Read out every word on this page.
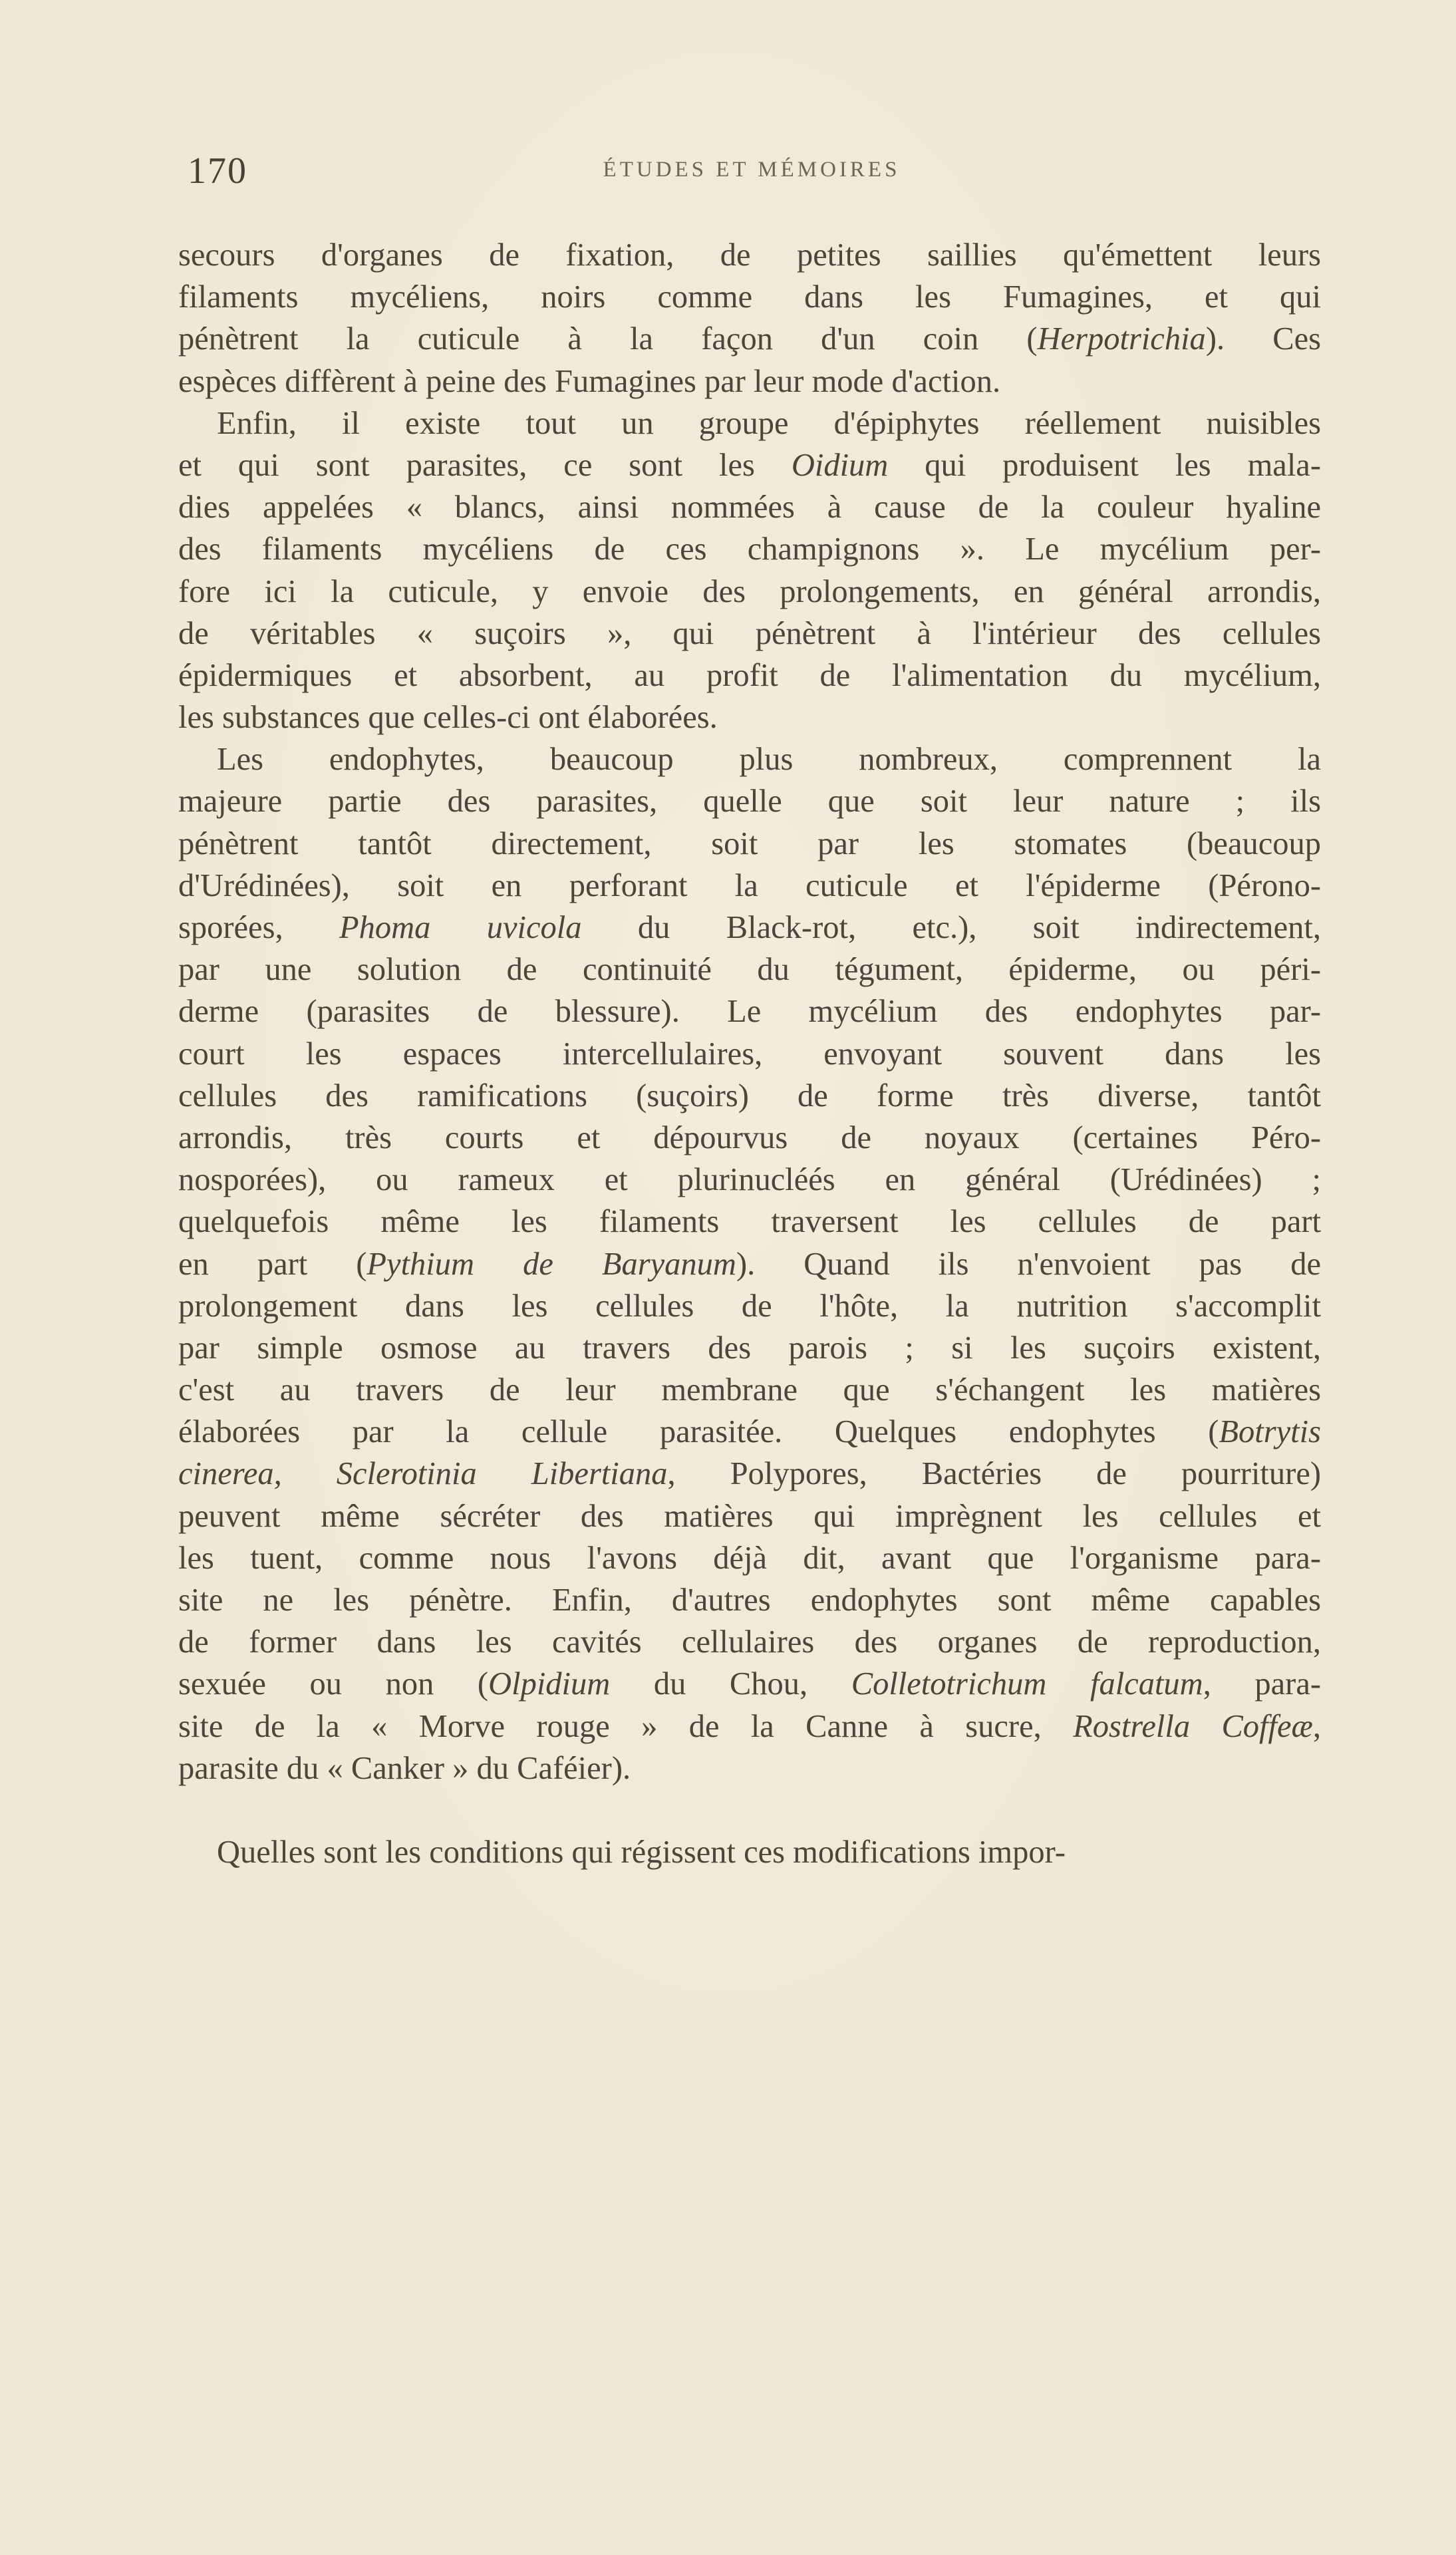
170	ÉTUDES ET MÉMOIRES
secours d'organes de fixation, de petites saillies qu'émettent leurs
filaments mycéliens, noirs comme dans les Fumagines, et qui
pénètrent la cuticule à la façon d'un coin (Herpotrichia). Ces
espèces diffèrent à peine des Fumagines par leur mode d'action.
Enfin, il existe tout un groupe d'épiphytes réellement nuisibles
et qui sont parasites, ce sont les Oidium qui produisent les mala-
dies appelées « blancs, ainsi nommées à cause de la couleur hyaline
des filaments mycéliens de ces champignons ». Le mycélium per-
fore ici la cuticule, y envoie des prolongements, en général arrondis,
de véritables « suçoirs », qui pénètrent à l'intérieur des cellules
épidermiques et absorbent, au profit de l'alimentation du mycélium,
les substances que celles-ci ont élaborées.
Les endophytes, beaucoup plus nombreux, comprennent la
majeure partie des parasites, quelle que soit leur nature ; ils
pénètrent tantôt directement, soit par les stomates (beaucoup
d'Urédinées), soit en perforant la cuticule et l'épiderme (Pérono-
sporées, Phoma uvicola du Black-rot, etc.), soit indirectement,
par une solution de continuité du tégument, épiderme, ou péri-
derme (parasites de blessure). Le mycélium des endophytes par-
court les espaces intercellulaires, envoyant souvent dans les
cellules des ramifications (suçoirs) de forme très diverse, tantôt
arrondis, très courts et dépourvus de noyaux (certaines Péro-
nosporées), ou rameux et plurinucléés en général (Urédinées) ;
quelquefois même les filaments traversent les cellules de part
en part (Pythium de Baryanum). Quand ils n'envoient pas de
prolongement dans les cellules de l'hôte, la nutrition s'accomplit
par simple osmose au travers des parois ; si les suçoirs existent,
c'est au travers de leur membrane que s'échangent les matières
élaborées par la cellule parasitée. Quelques endophytes (Botrytis
cinerea, Sclerotinia Libertiana, Polypores, Bactéries de pourriture)
peuvent même sécréter des matières qui imprègnent les cellules et
les tuent, comme nous l'avons déjà dit, avant que l'organisme para-
site ne les pénètre. Enfin, d'autres endophytes sont même capables
de former dans les cavités cellulaires des organes de reproduction,
sexuée ou non (Olpidium du Chou, Colletotrichum falcatum, para-
site de la « Morve rouge » de la Canne à sucre, Rostrella Coffeæ,
parasite du « Canker » du Caféier).
Quelles sont les conditions qui régissent ces modifications impor-
